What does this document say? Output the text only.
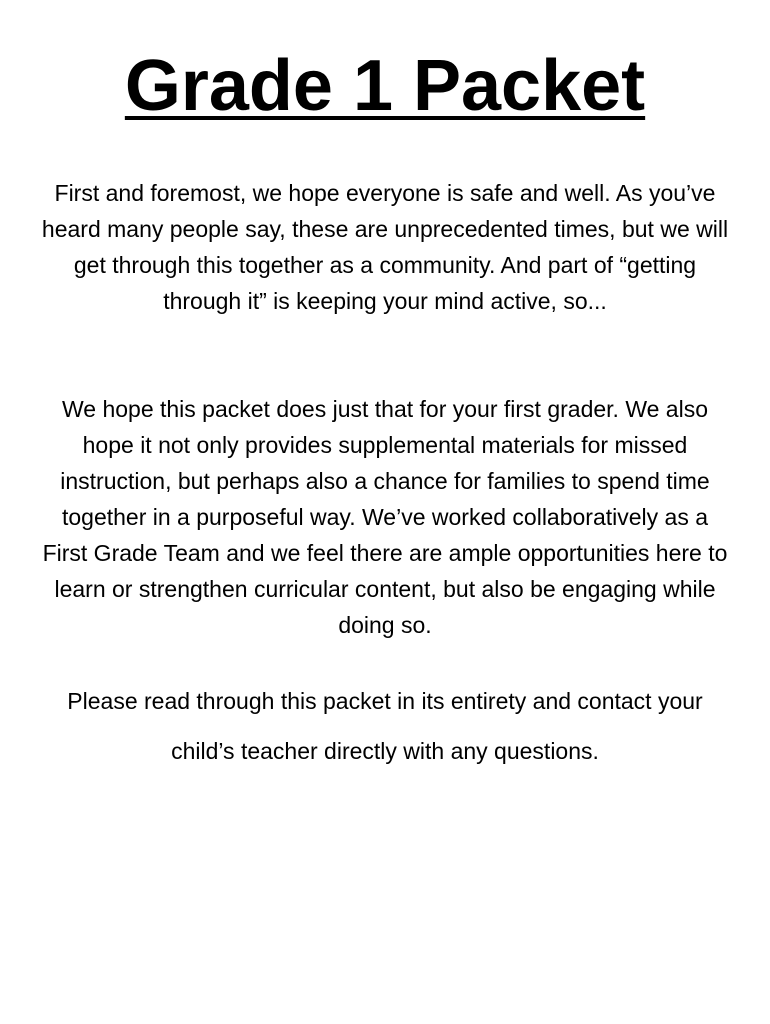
Grade 1 Packet

First and foremost, we hope everyone is safe and well. As you’ve heard many people say, these are unprecedented times, but we will get through this together as a community. And part of “getting through it” is keeping your mind active, so...

We hope this packet does just that for your first grader. We also hope it not only provides supplemental materials for missed instruction, but perhaps also a chance for families to spend time together in a purposeful way. We’ve worked collaboratively as a First Grade Team and we feel there are ample opportunities here to learn or strengthen curricular content, but also be engaging while doing so.

Please read through this packet in its entirety and contact your child’s teacher directly with any questions.
